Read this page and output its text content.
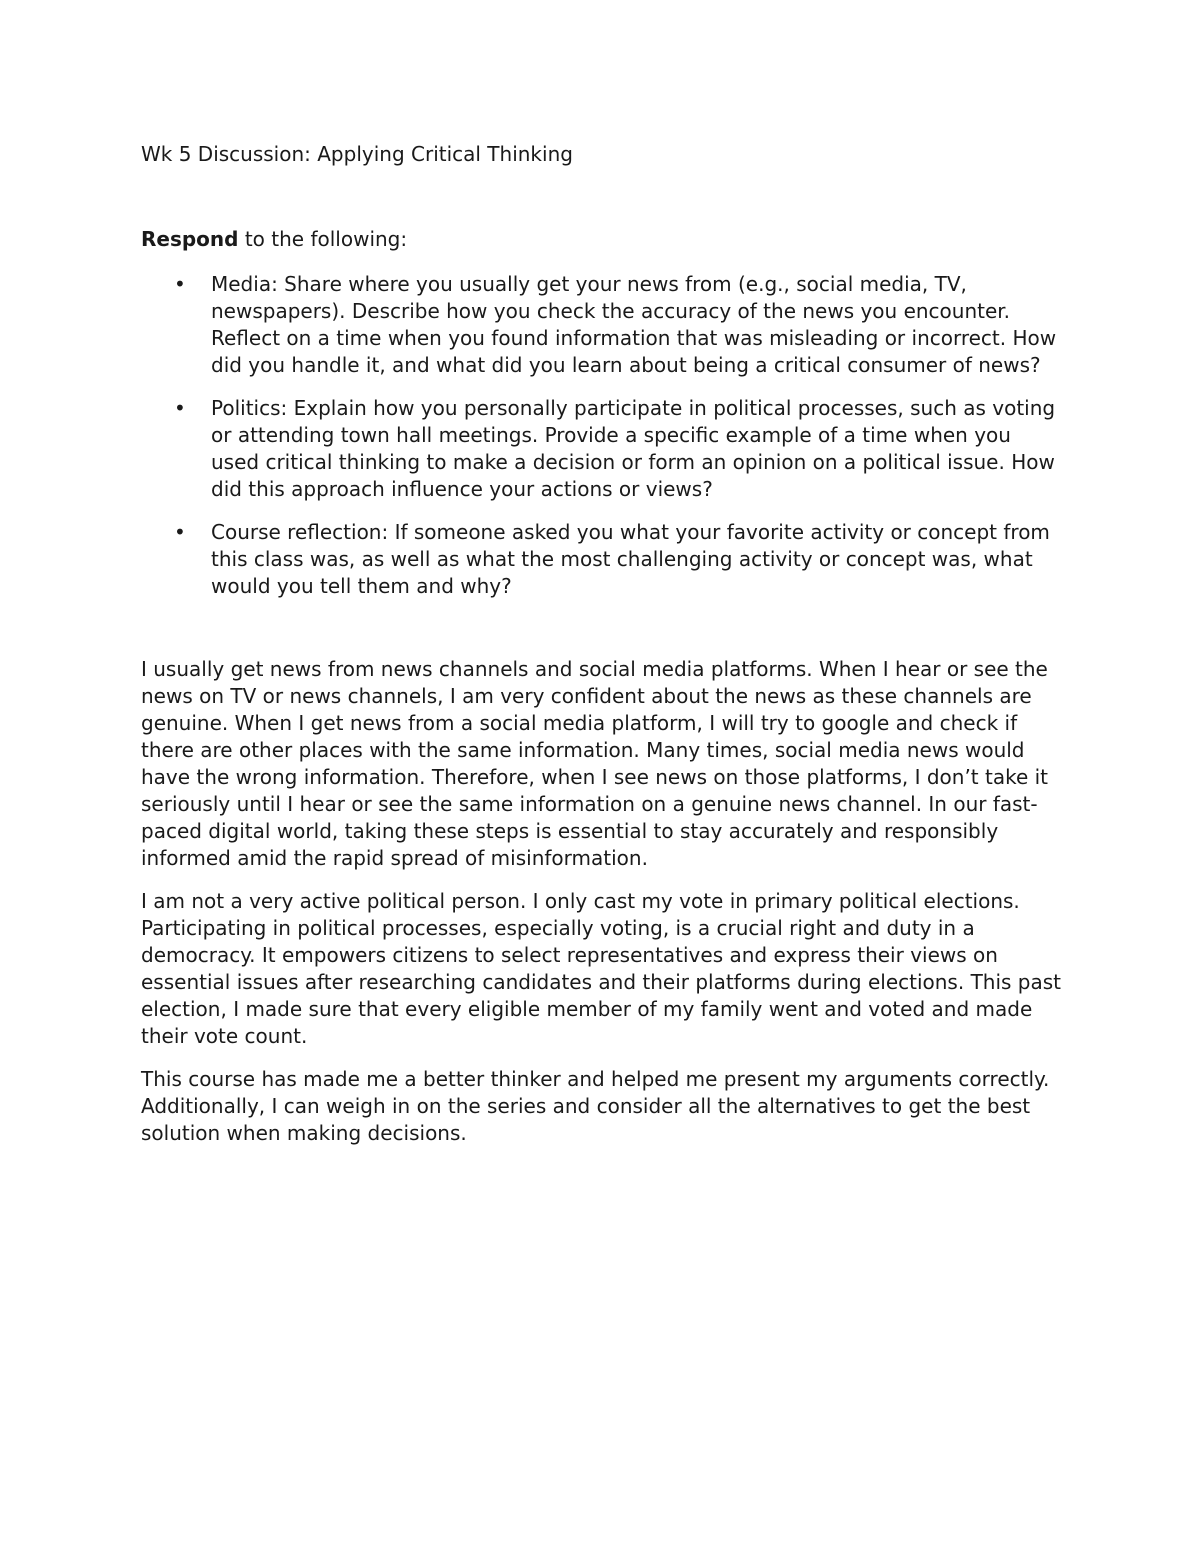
Wk 5 Discussion: Applying Critical Thinking

Respond to the following:

• Media: Share where you usually get your news from (e.g., social media, TV, newspapers). Describe how you check the accuracy of the news you encounter. Reflect on a time when you found information that was misleading or incorrect. How did you handle it, and what did you learn about being a critical consumer of news?
• Politics: Explain how you personally participate in political processes, such as voting or attending town hall meetings. Provide a specific example of a time when you used critical thinking to make a decision or form an opinion on a political issue. How did this approach influence your actions or views?
• Course reflection: If someone asked you what your favorite activity or concept from this class was, as well as what the most challenging activity or concept was, what would you tell them and why?

I usually get news from news channels and social media platforms. When I hear or see the news on TV or news channels, I am very confident about the news as these channels are genuine. When I get news from a social media platform, I will try to google and check if there are other places with the same information. Many times, social media news would have the wrong information. Therefore, when I see news on those platforms, I don’t take it seriously until I hear or see the same information on a genuine news channel. In our fast-paced digital world, taking these steps is essential to stay accurately and responsibly informed amid the rapid spread of misinformation.

I am not a very active political person. I only cast my vote in primary political elections. Participating in political processes, especially voting, is a crucial right and duty in a democracy. It empowers citizens to select representatives and express their views on essential issues after researching candidates and their platforms during elections. This past election, I made sure that every eligible member of my family went and voted and made their vote count.

This course has made me a better thinker and helped me present my arguments correctly. Additionally, I can weigh in on the series and consider all the alternatives to get the best solution when making decisions.
